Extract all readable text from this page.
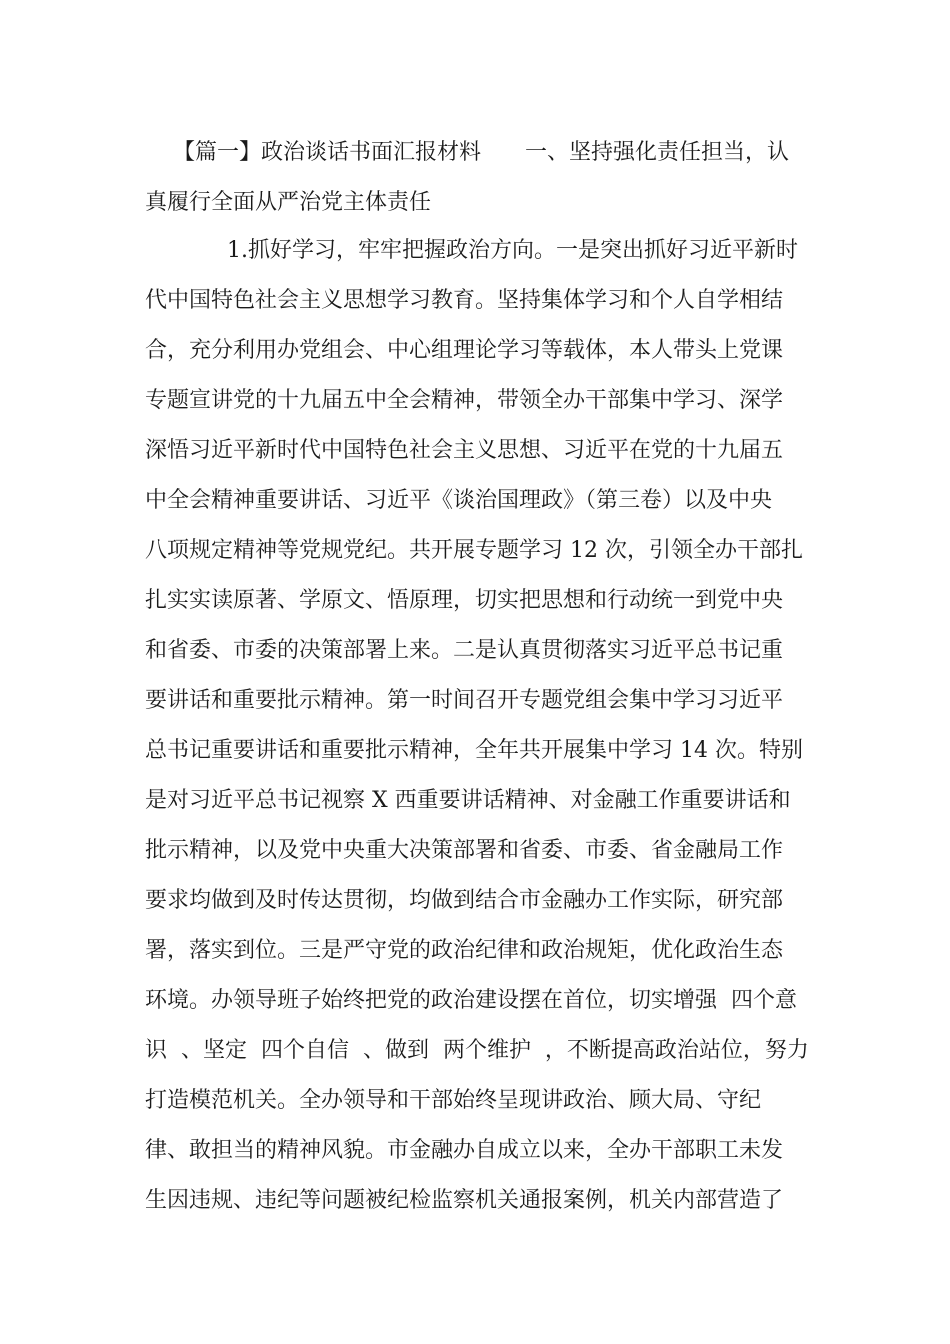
【篇一】政治谈话书面汇报材料　　一、坚持强化责任担当，认
真履行全面从严治党主体责任
1.抓好学习，牢牢把握政治方向。一是突出抓好习近平新时
代中国特色社会主义思想学习教育。坚持集体学习和个人自学相结
合，充分利用办党组会、中心组理论学习等载体，本人带头上党课
专题宣讲党的十九届五中全会精神，带领全办干部集中学习、深学
深悟习近平新时代中国特色社会主义思想、习近平在党的十九届五
中全会精神重要讲话、习近平《谈治国理政》（第三卷）以及中央
八项规定精神等党规党纪。共开展专题学习 12 次，引领全办干部扎
扎实实读原著、学原文、悟原理，切实把思想和行动统一到党中央
和省委、市委的决策部署上来。二是认真贯彻落实习近平总书记重
要讲话和重要批示精神。第一时间召开专题党组会集中学习习近平
总书记重要讲话和重要批示精神，全年共开展集中学习 14 次。特别
是对习近平总书记视察 X 西重要讲话精神、对金融工作重要讲话和
批示精神，以及党中央重大决策部署和省委、市委、省金融局工作
要求均做到及时传达贯彻，均做到结合市金融办工作实际，研究部
署，落实到位。三是严守党的政治纪律和政治规矩，优化政治生态
环境。办领导班子始终把党的政治建设摆在首位，切实增强  四个意
识  、坚定  四个自信  、做到  两个维护  ，不断提高政治站位，努力
打造模范机关。全办领导和干部始终呈现讲政治、顾大局、守纪
律、敢担当的精神风貌。市金融办自成立以来，全办干部职工未发
生因违规、违纪等问题被纪检监察机关通报案例，机关内部营造了
